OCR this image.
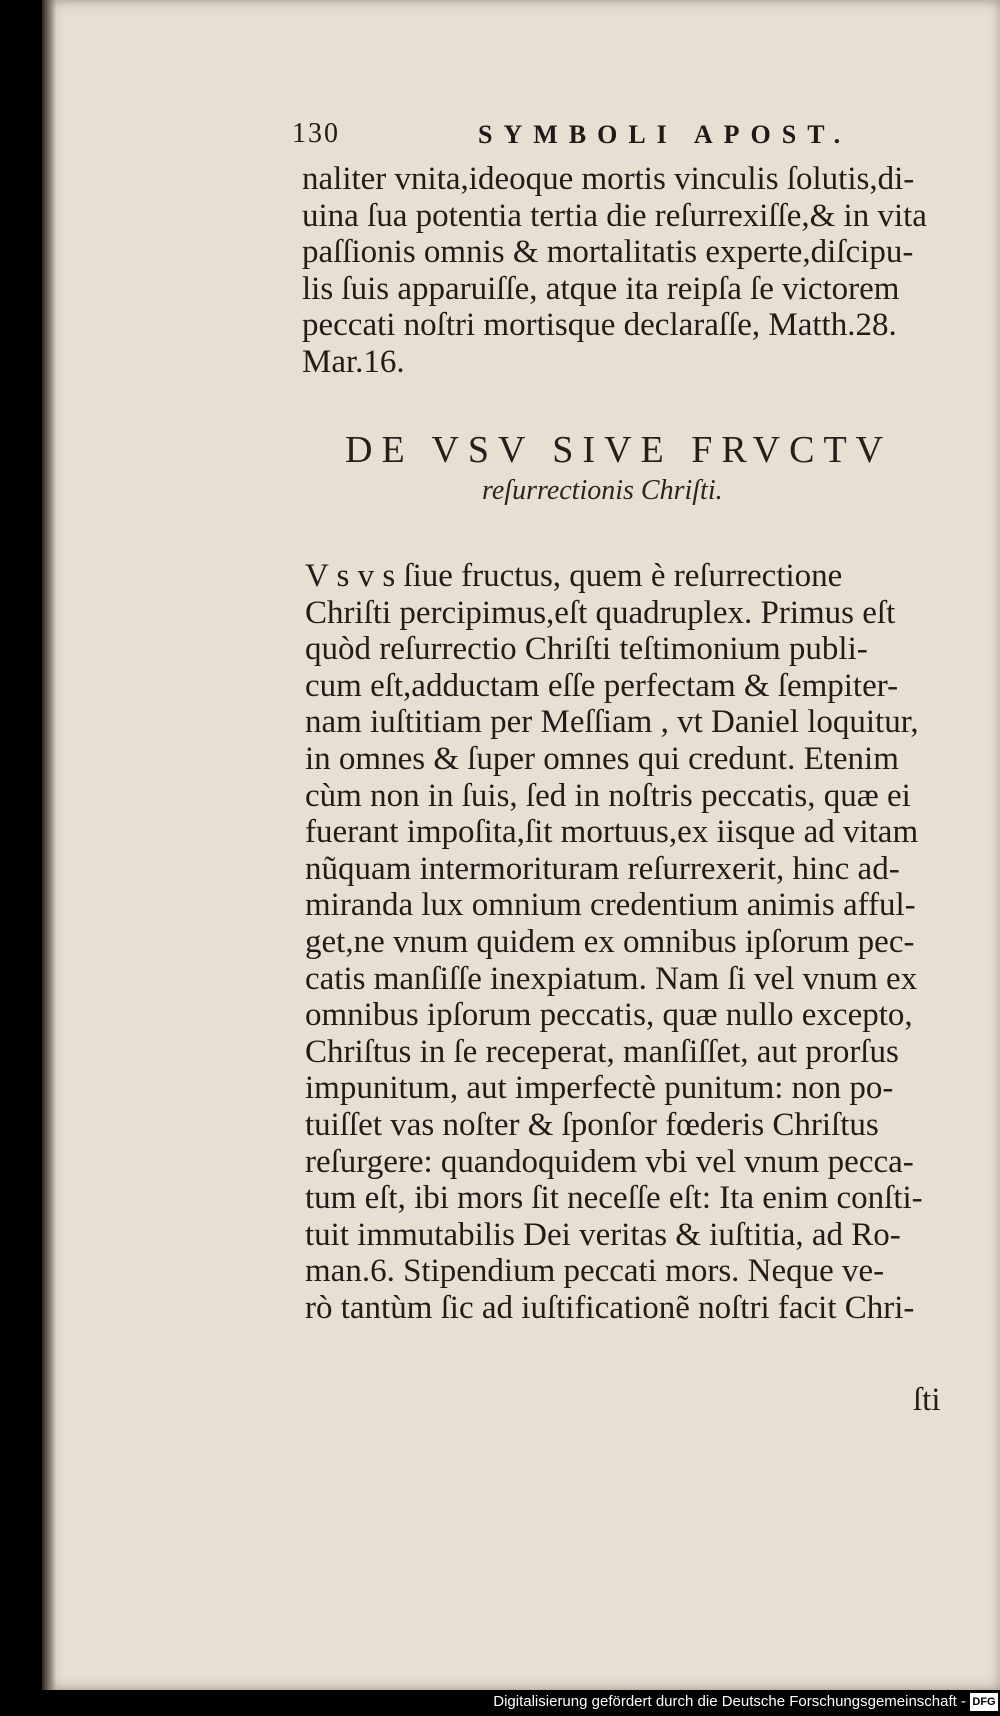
130	SYMBOLI APOST.
naliter vnita,ideoque mortis vinculis ſolutis,di-
uina ſua potentia tertia die reſurrexiſſe,& in vita
paſſionis omnis & mortalitatis experte,diſcipu-
lis ſuis apparuiſſe, atque ita reipſa ſe victorem
peccati noſtri mortisque declaraſſe, Matth.28.
Mar.16.
DE VSV SIVE FRVCTV
reſurrectionis Chriſti.
V s v s ſiue fructus, quem è reſurrectione
Chriſti percipimus,eſt quadruplex. Primus eſt
quòd reſurrectio Chriſti teſtimonium publi-
cum eſt,adductam eſſe perfectam & ſempiter-
nam iuſtitiam per Meſſiam , vt Daniel loquitur,
in omnes & ſuper omnes qui credunt. Etenim
cùm non in ſuis, ſed in noſtris peccatis, quæ ei
fuerant impoſita,ſit mortuus,ex iisque ad vitam
nũquam intermorituram reſurrexerit, hinc ad-
miranda lux omnium credentium animis afful-
get,ne vnum quidem ex omnibus ipſorum pec-
catis manſiſſe inexpiatum. Nam ſi vel vnum ex
omnibus ipſorum peccatis, quæ nullo excepto,
Chriſtus in ſe receperat, manſiſſet, aut prorſus
impunitum, aut imperfectè punitum: non po-
tuiſſet vas noſter & ſponſor fœderis Chriſtus
reſurgere: quandoquidem vbi vel vnum pecca-
tum eſt, ibi mors ſit neceſſe eſt: Ita enim conſti-
tuit immutabilis Dei veritas & iuſtitia, ad Ro-
man.6. Stipendium peccati mors. Neque ve-
rò tantùm ſic ad iuſtificationẽ noſtri facit Chri-
ſti
Digitalisierung gefördert durch die Deutsche Forschungsgemeinschaft - DFG
